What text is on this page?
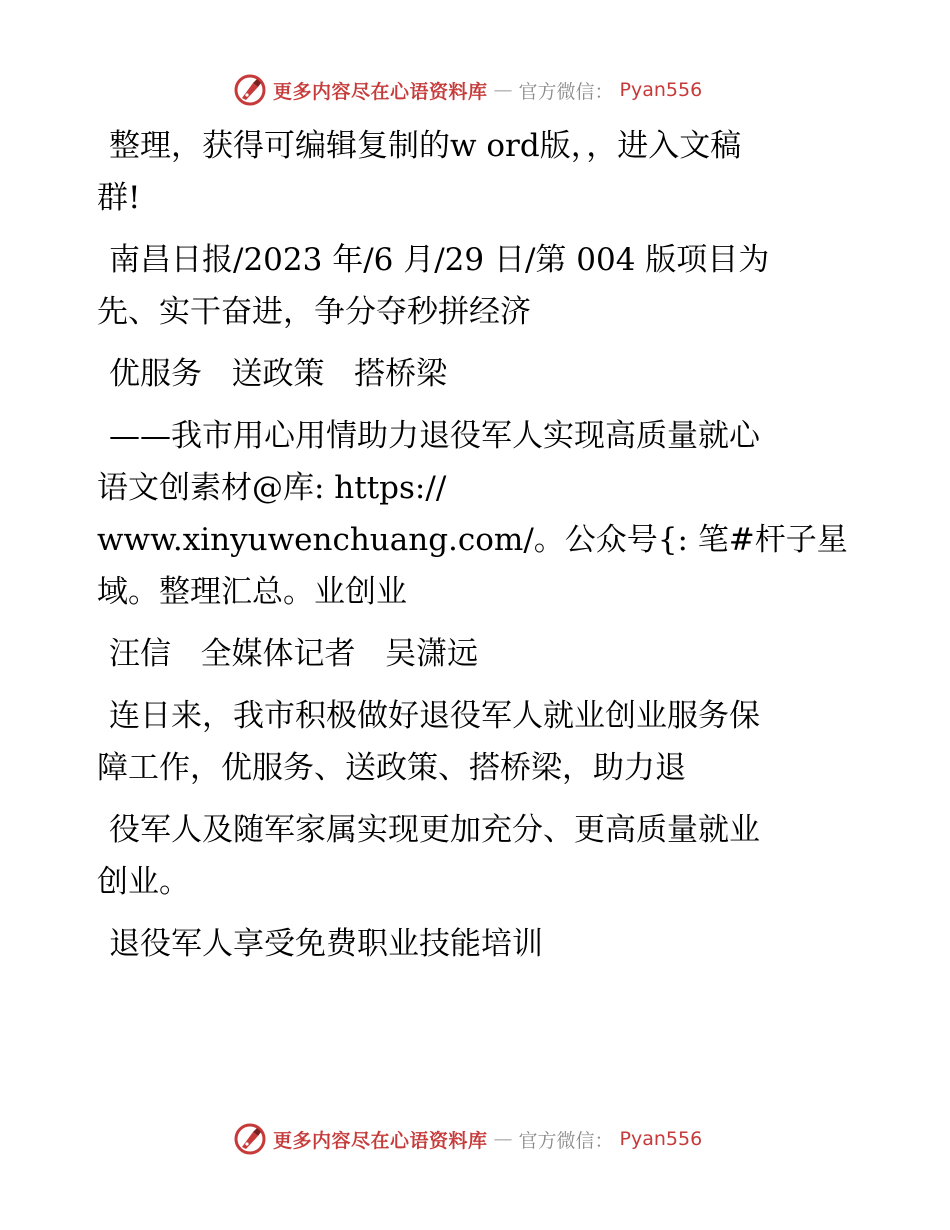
更多内容尽在心语资料库 — 官方微信： Pyan556

整理，获得可编辑复制的w ord版，，进入文稿
群!

南昌日报/2023 年/6 月/29 日/第 004 版项目为
先、实干奋进，争分夺秒拼经济

优服务   送政策   搭桥梁

——我市用心用情助力退役军人实现高质量就心
语文创素材@库: https://
www.xinyuwenchuang.com/。公众号{: 笔#杆子星
域。整理汇总。业创业

汪信   全媒体记者   吴潇远

连日来，我市积极做好退役军人就业创业服务保
障工作，优服务、送政策、搭桥梁，助力退

役军人及随军家属实现更加充分、更高质量就业
创业。

退役军人享受免费职业技能培训

更多内容尽在心语资料库 — 官方微信： Pyan556
